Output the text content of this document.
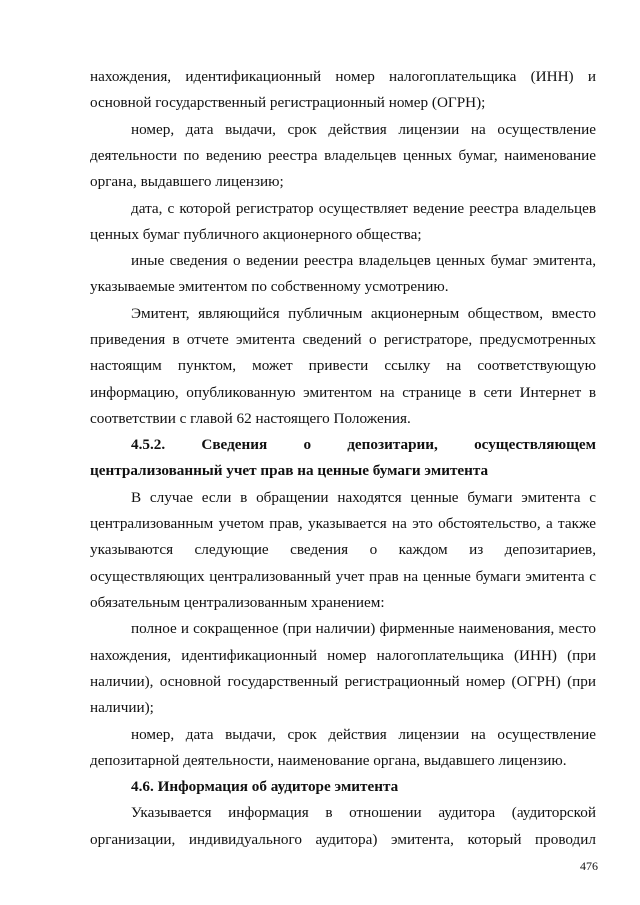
нахождения, идентификационный номер налогоплательщика (ИНН) и
основной государственный регистрационный номер (ОГРН);
номер, дата выдачи, срок действия лицензии на осуществление
деятельности по ведению реестра владельцев ценных бумаг, наименование
органа, выдавшего лицензию;
дата, с которой регистратор осуществляет ведение реестра владельцев
ценных бумаг публичного акционерного общества;
иные сведения о ведении реестра владельцев ценных бумаг эмитента,
указываемые эмитентом по собственному усмотрению.
Эмитент, являющийся публичным акционерным обществом, вместо
приведения в отчете эмитента сведений о регистраторе, предусмотренных
настоящим пунктом, может привести ссылку на соответствующую
информацию, опубликованную эмитентом на странице в сети Интернет в
соответствии с главой 62 настоящего Положения.
4.5.2. Сведения о депозитарии, осуществляющем
централизованный учет прав на ценные бумаги эмитента
В случае если в обращении находятся ценные бумаги эмитента с
централизованным учетом прав, указывается на это обстоятельство, а также
указываются следующие сведения о каждом из депозитариев,
осуществляющих централизованный учет прав на ценные бумаги эмитента с
обязательным централизованным хранением:
полное и сокращенное (при наличии) фирменные наименования, место
нахождения, идентификационный номер налогоплательщика (ИНН) (при
наличии), основной государственный регистрационный номер (ОГРН) (при
наличии);
номер, дата выдачи, срок действия лицензии на осуществление
депозитарной деятельности, наименование органа, выдавшего лицензию.
4.6. Информация об аудиторе эмитента
Указывается информация в отношении аудитора (аудиторской
организации, индивидуального аудитора) эмитента, который проводил
476
